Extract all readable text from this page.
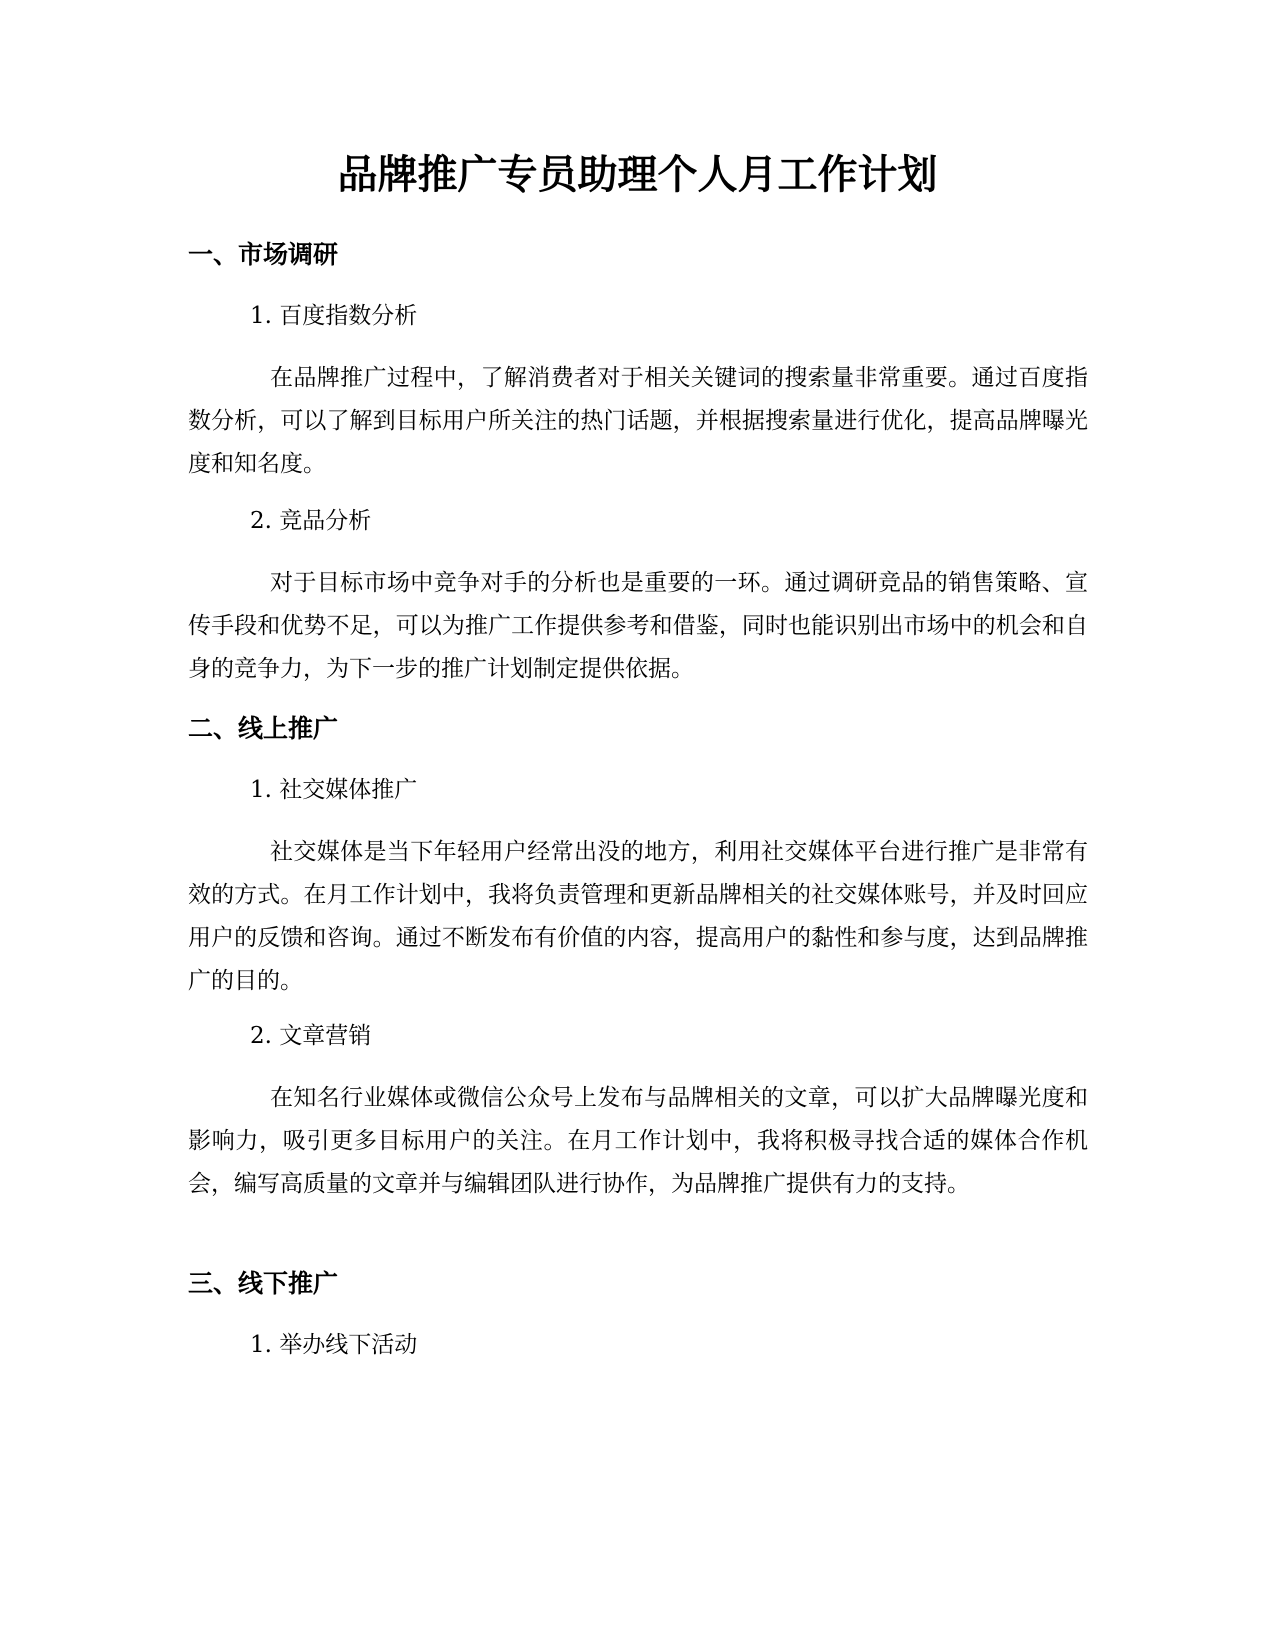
品牌推广专员助理个人月工作计划
一、市场调研

1. 百度指数分析

在品牌推广过程中，了解消费者对于相关关键词的搜索量非常重要。通过百度指数分析，可以了解到目标用户所关注的热门话题，并根据搜索量进行优化，提高品牌曝光度和知名度。

2. 竞品分析

对于目标市场中竞争对手的分析也是重要的一环。通过调研竞品的销售策略、宣传手段和优势不足，可以为推广工作提供参考和借鉴，同时也能识别出市场中的机会和自身的竞争力，为下一步的推广计划制定提供依据。

二、线上推广

1. 社交媒体推广

社交媒体是当下年轻用户经常出没的地方，利用社交媒体平台进行推广是非常有效的方式。在月工作计划中，我将负责管理和更新品牌相关的社交媒体账号，并及时回应用户的反馈和咨询。通过不断发布有价值的内容，提高用户的黏性和参与度，达到品牌推广的目的。

2. 文章营销

在知名行业媒体或微信公众号上发布与品牌相关的文章，可以扩大品牌曝光度和影响力，吸引更多目标用户的关注。在月工作计划中，我将积极寻找合适的媒体合作机会，编写高质量的文章并与编辑团队进行协作，为品牌推广提供有力的支持。

三、线下推广

1. 举办线下活动
